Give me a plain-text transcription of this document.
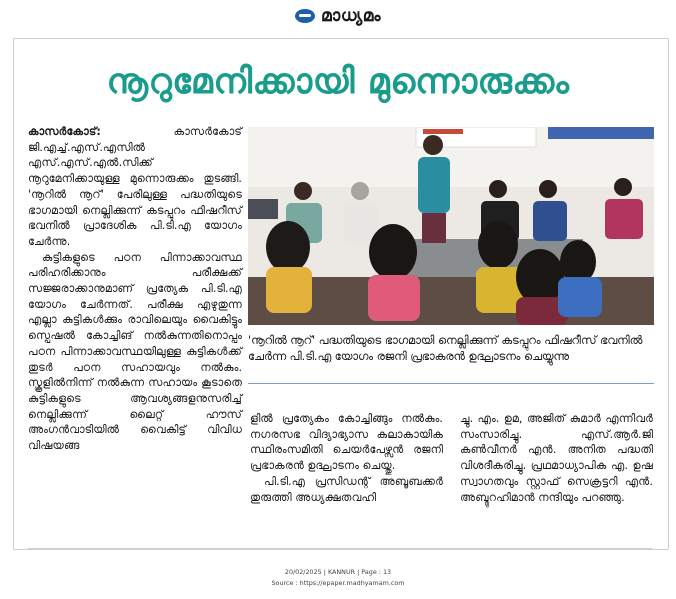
മാധ്യമം
നൂറുമേനിക്കായി മുന്നൊരുക്കം

കാസർകോട്: കാസർകോട് ജി.എച്ച്.എസ്.എസിൽ എസ്.എസ്.എൽ.സിക്ക് നൂറുമേനിക്കായുള്ള മുന്നൊരുക്കം തുടങ്ങി. 'നൂറിൽ നൂറ്' പേരിലുള്ള പദ്ധതിയുടെ ഭാഗമായി നെല്ലിക്കുന്ന് കടപ്പുറം ഫിഷറീസ് ഭവനിൽ പ്രാദേശിക പി.ടി.എ യോഗം ചേർന്നു.

കുട്ടികളുടെ പഠന പിന്നാക്കാവസ്ഥ പരിഹരിക്കാനും പരീക്ഷക്ക് സജ്ജരാക്കാനുമാണ് പ്രത്യേക പി.ടി.എ യോഗം ചേർന്നത്. പരീക്ഷ എഴുതുന്ന എല്ലാ കുട്ടികൾക്കും രാവിലെയും വൈകിട്ടും സ്പെഷൽ കോച്ചിങ് നൽകുന്നതിനൊപ്പം പഠന പിന്നാക്കാവസ്ഥയിലുള്ള കുട്ടികൾക്ക് തുടർ പഠന സഹായവും നൽകും. സ്കൂളിൽനിന്ന് നൽകുന്ന സഹായം കൂടാതെ കുട്ടികളുടെ ആവശ്യങ്ങളനുസരിച്ച് നെല്ലിക്കുന്ന് ലൈറ്റ് ഹൗസ് അംഗൻവാടിയിൽ വൈകിട്ട് വിവിധ വിഷയങ്ങ

'നൂറിൽ നൂറ്' പദ്ധതിയുടെ ഭാഗമായി നെല്ലിക്കുന്ന് കടപ്പുറം ഫിഷറീസ് ഭവനിൽ ചേർന്ന പി.ടി.എ യോഗം രജനി പ്രഭാകരൻ ഉദ്ഘാടനം ചെയ്യുന്നു

ളിൽ പ്രത്യേകം കോച്ചിങ്ങും നൽകും. നഗരസഭ വിദ്യാഭ്യാസ കലാകായിക സ്ഥിരംസമിതി ചെയർപേഴ്സൻ രജനി പ്രഭാകരൻ ഉദ്ഘാടനം ചെയ്തു.

പി.ടി.എ പ്രസിഡന്റ് അബൂബക്കർ തുരുത്തി അധ്യക്ഷതവഹി

ച്ചു. എം. ഉമ, അജിത് കുമാർ എന്നിവർ സംസാരിച്ചു. എസ്.ആർ.ജി കൺവീനർ എൻ. അനിത പദ്ധതി വിശദീകരിച്ചു. പ്രഥമാധ്യാപിക എ. ഉഷ സ്വാഗതവും സ്റ്റാഫ് സെക്രട്ടറി എൻ. അബ്ദുറഹിമാൻ നന്ദിയും പറഞ്ഞു.

20/02/2025 | KANNUR | Page : 13
Source : https://epaper.madhyamam.com
